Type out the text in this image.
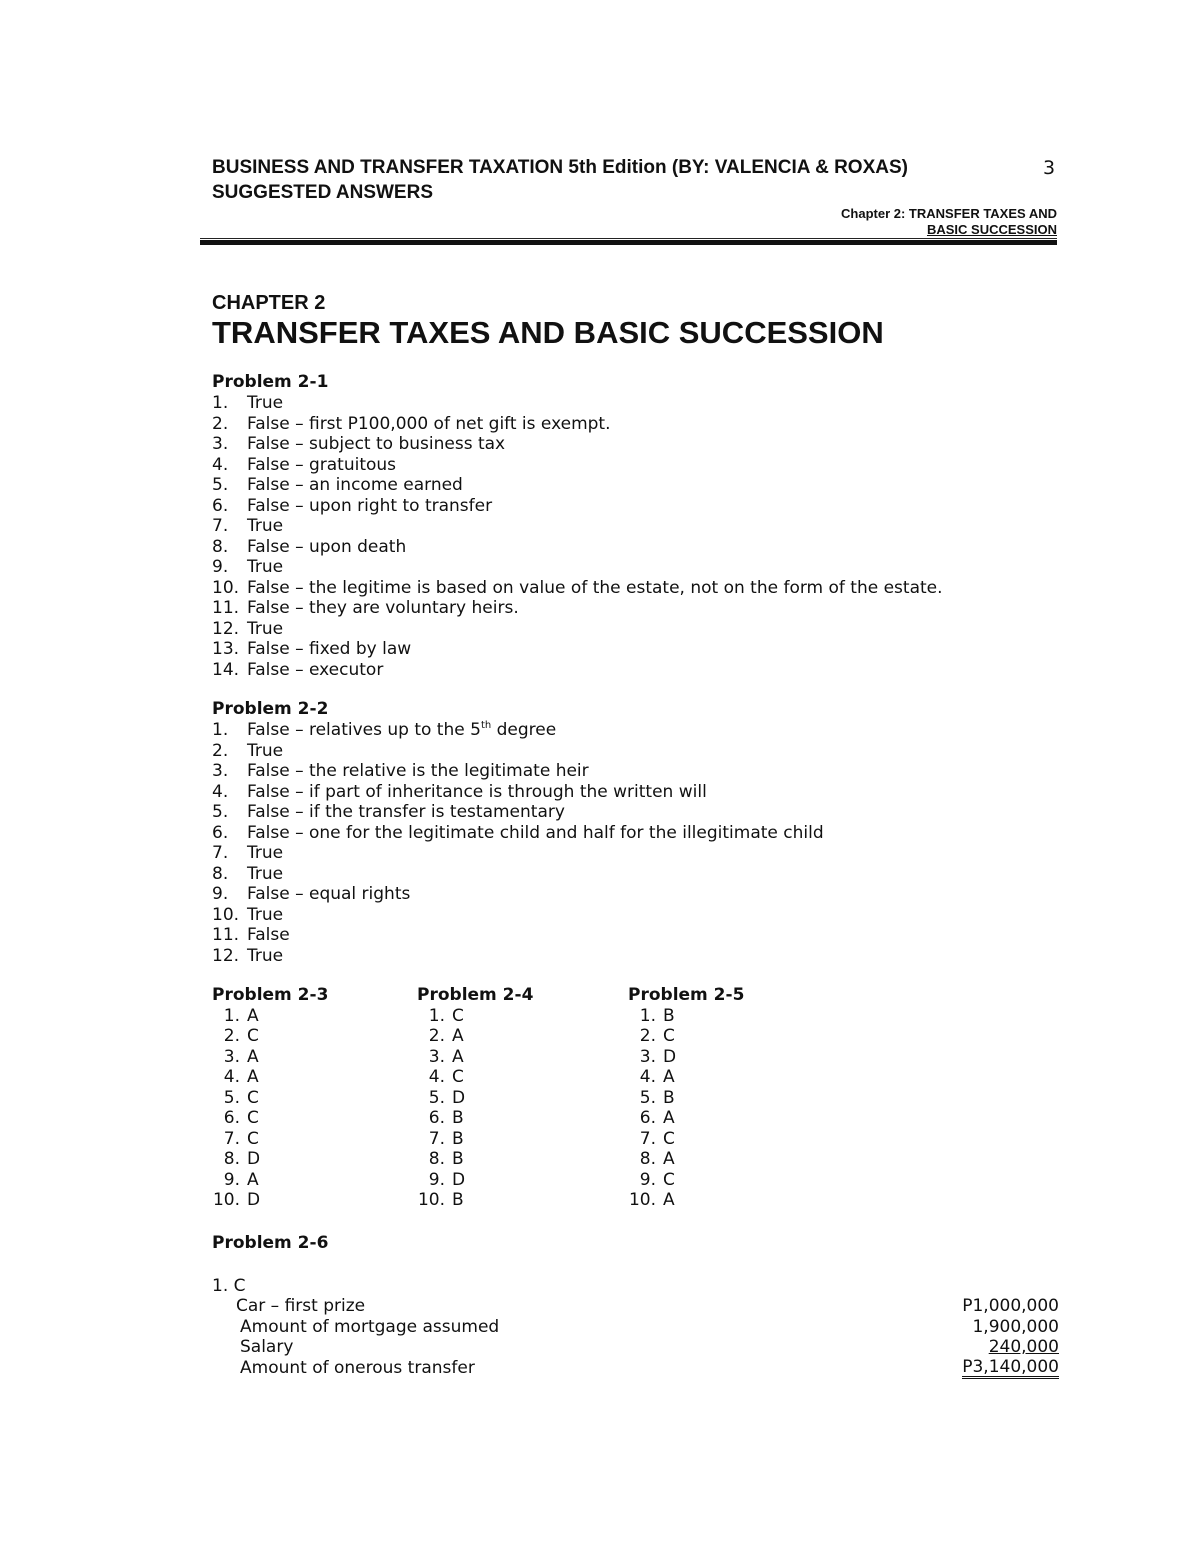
BUSINESS AND TRANSFER TAXATION 5th Edition (BY: VALENCIA & ROXAS)
SUGGESTED ANSWERS
3
Chapter 2: TRANSFER TAXES AND
BASIC SUCCESSION
CHAPTER 2
TRANSFER TAXES AND BASIC SUCCESSION
Problem 2-1
1. True
2. False – first P100,000 of net gift is exempt.
3. False – subject to business tax
4. False – gratuitous
5. False – an income earned
6. False – upon right to transfer
7. True
8. False – upon death
9. True
10. False – the legitime is based on value of the estate, not on the form of the estate.
11. False – they are voluntary heirs.
12. True
13. False – fixed by law
14. False – executor
Problem 2-2
1. False – relatives up to the 5th degree
2. True
3. False – the relative is the legitimate heir
4. False – if part of inheritance is through the written will
5. False – if the transfer is testamentary
6. False – one for the legitimate child and half for the illegitimate child
7. True
8. True
9. False – equal rights
10. True
11. False
12. True
Problem 2-3
1. A
2. C
3. A
4. A
5. C
6. C
7. C
8. D
9. A
10. D
Problem 2-4
1. C
2. A
3. A
4. C
5. D
6. B
7. B
8. B
9. D
10. B
Problem 2-5
1. B
2. C
3. D
4. A
5. B
6. A
7. C
8. A
9. C
10. A
Problem 2-6
1. C
Car – first prize	P1,000,000
Amount of mortgage assumed	1,900,000
Salary	240,000
Amount of onerous transfer	P3,140,000
